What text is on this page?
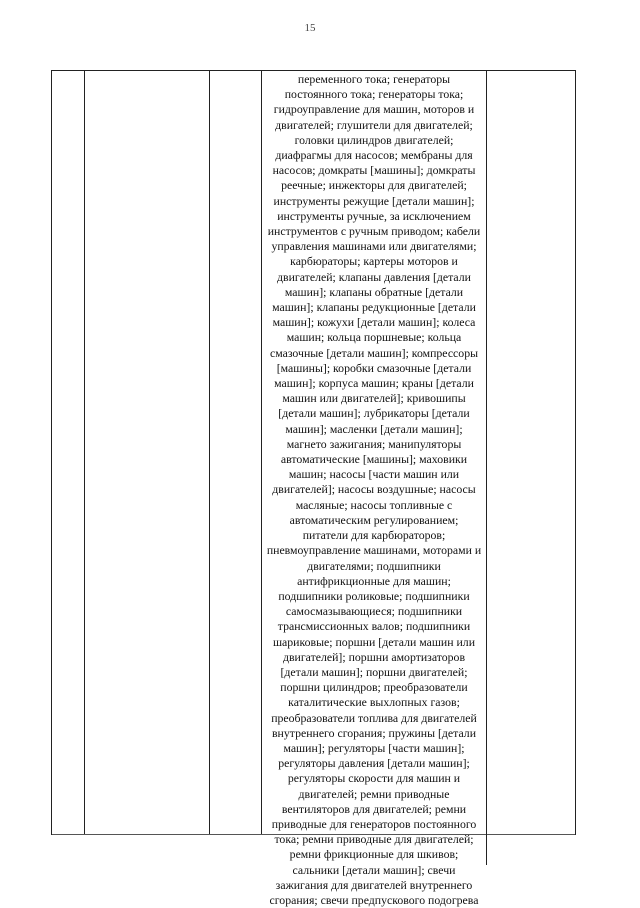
15
переменного тока; генераторы
постоянного тока; генераторы тока;
гидроуправление для машин, моторов и
двигателей; глушители для двигателей;
головки цилиндров двигателей;
диафрагмы для насосов; мембраны для
насосов; домкраты [машины]; домкраты
реечные; инжекторы для двигателей;
инструменты режущие [детали машин];
инструменты ручные, за исключением
инструментов с ручным приводом; кабели
управления машинами или двигателями;
карбюраторы; картеры моторов и
двигателей; клапаны давления [детали
машин]; клапаны обратные [детали
машин]; клапаны редукционные [детали
машин]; кожухи [детали машин]; колеса
машин; кольца поршневые; кольца
смазочные [детали машин]; компрессоры
[машины]; коробки смазочные [детали
машин]; корпуса машин; краны [детали
машин или двигателей]; кривошипы
[детали машин]; лубрикаторы [детали
машин]; масленки [детали машин];
магнето зажигания; манипуляторы
автоматические [машины]; маховики
машин; насосы [части машин или
двигателей]; насосы воздушные; насосы
масляные; насосы топливные с
автоматическим регулированием;
питатели для карбюраторов;
пневмоуправление машинами, моторами и
двигателями; подшипники
антифрикционные для машин;
подшипники роликовые; подшипники
самосмазывающиеся; подшипники
трансмиссионных валов; подшипники
шариковые; поршни [детали машин или
двигателей]; поршни амортизаторов
[детали машин]; поршни двигателей;
поршни цилиндров; преобразователи
каталитические выхлопных газов;
преобразователи топлива для двигателей
внутреннего сгорания; пружины [детали
машин]; регуляторы [части машин];
регуляторы давления [детали машин];
регуляторы скорости для машин и
двигателей; ремни приводные
вентиляторов для двигателей; ремни
приводные для генераторов постоянного
тока; ремни приводные для двигателей;
ремни фрикционные для шкивов;
сальники [детали машин]; свечи
зажигания для двигателей внутреннего
сгорания; свечи предпускового подогрева
